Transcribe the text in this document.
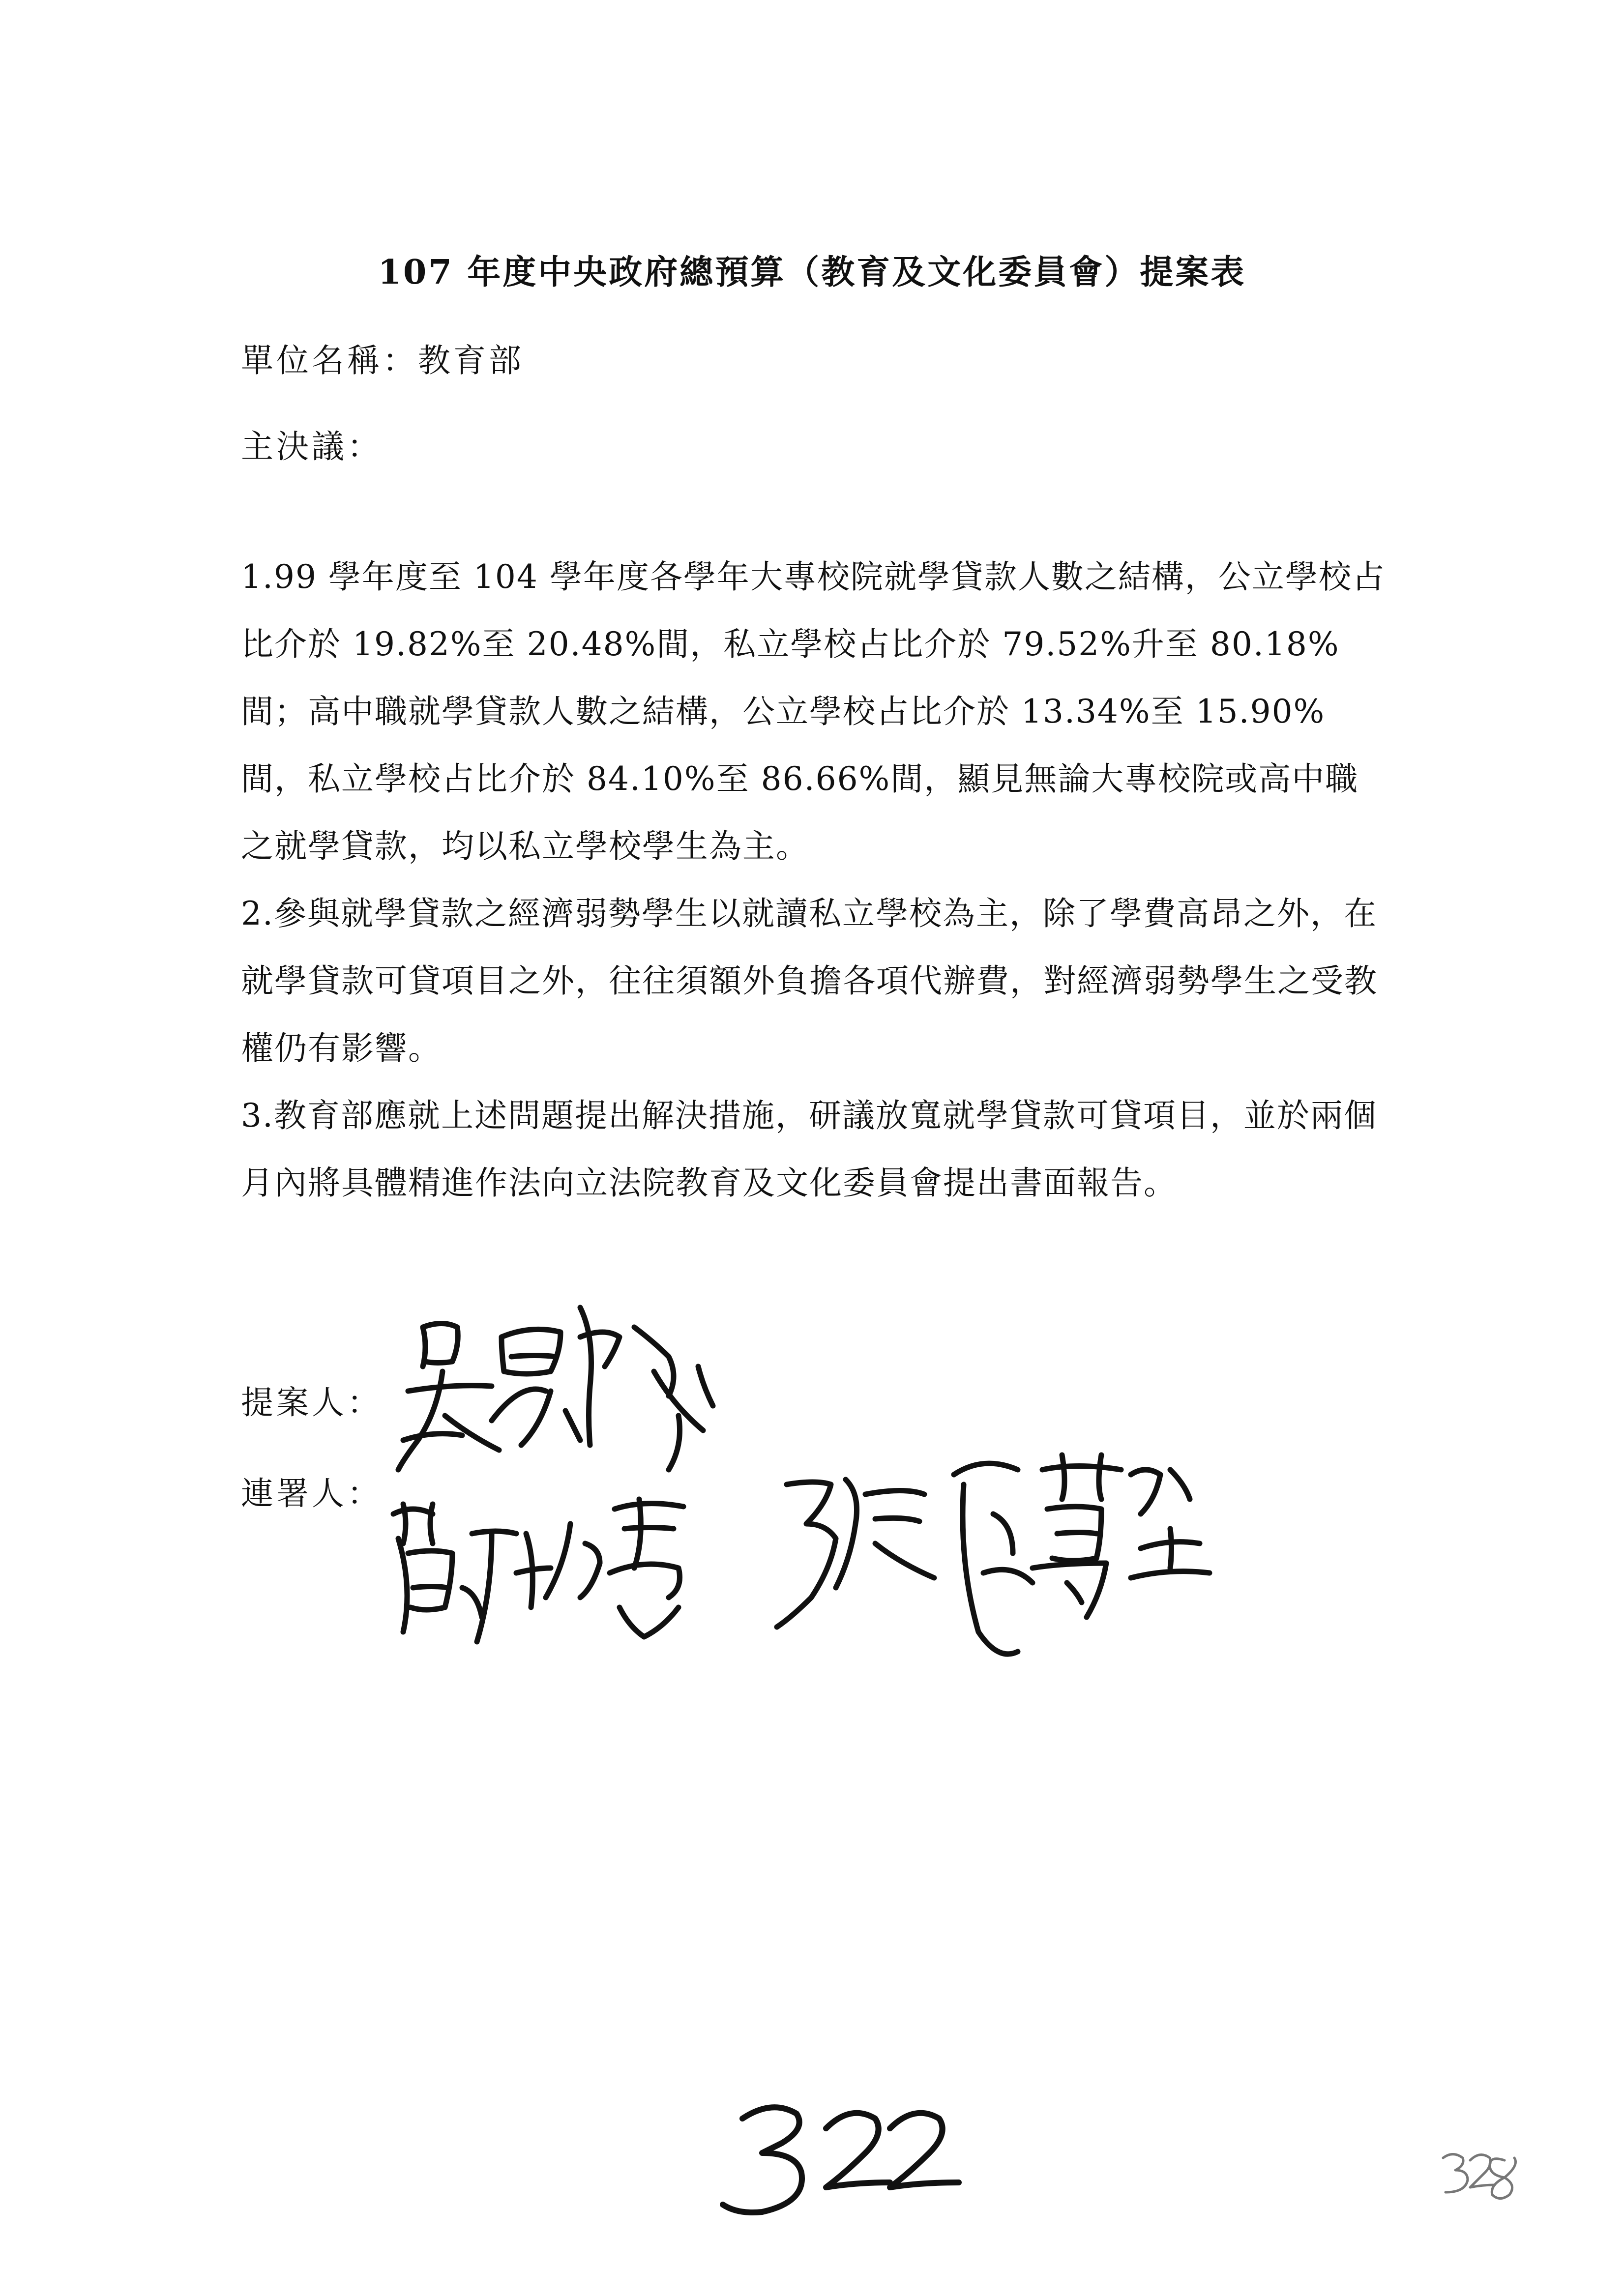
107 年度中央政府總預算（教育及文化委員會）提案表
單位名稱：教育部
主決議：

1.99 學年度至 104 學年度各學年大專校院就學貸款人數之結構，公立學校占比介於 19.82%至 20.48%間，私立學校占比介於 79.52%升至 80.18%間；高中職就學貸款人數之結構，公立學校占比介於 13.34%至 15.90%間，私立學校占比介於 84.10%至 86.66%間，顯見無論大專校院或高中職之就學貸款，均以私立學校學生為主。

2.參與就學貸款之經濟弱勢學生以就讀私立學校為主，除了學費高昂之外，在就學貸款可貸項目之外，往往須額外負擔各項代辦費，對經濟弱勢學生之受教權仍有影響。

3.教育部應就上述問題提出解決措施，研議放寬就學貸款可貸項目，並於兩個月內將具體精進作法向立法院教育及文化委員會提出書面報告。

提案人：
連署人：
